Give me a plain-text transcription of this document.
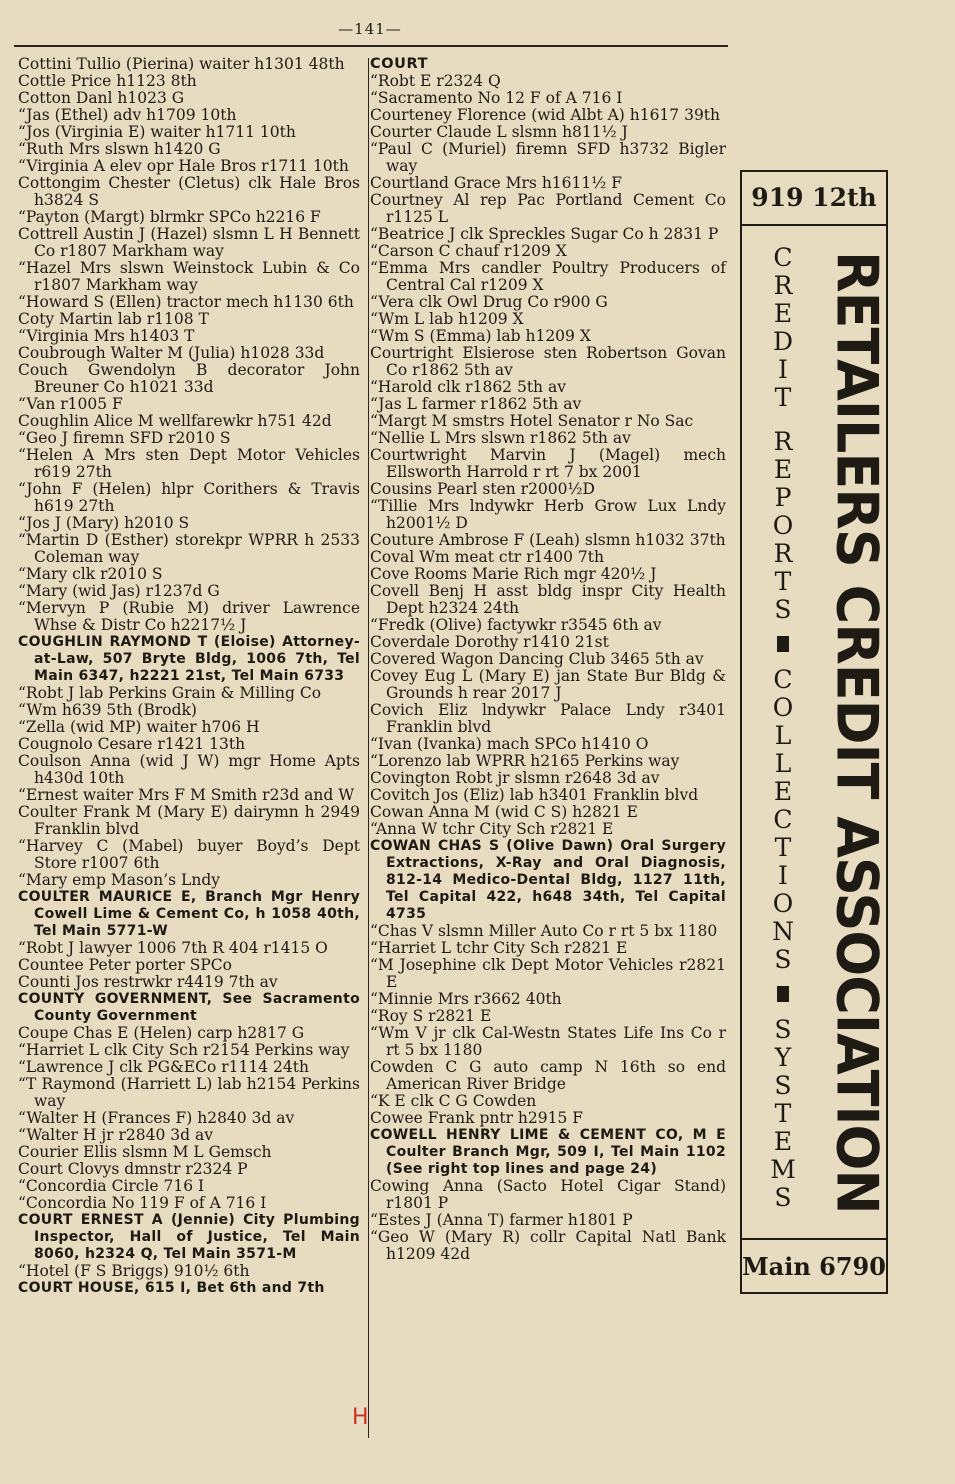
—141—
Cottini Tullio (Pierina) waiter h1301 48th
Cottle Price h1123 8th
Cotton Danl h1023 G
“Jas (Ethel) adv h1709 10th
“Jos (Virginia E) waiter h1711 10th
“Ruth Mrs slswn h1420 G
“Virginia A elev opr Hale Bros r1711 10th
Cottongim Chester (Cletus) clk Hale Bros h3824 S
“Payton (Margt) blrmkr SPCo h2216 F
Cottrell Austin J (Hazel) slsmn L H Bennett Co r1807 Markham way
“Hazel Mrs slswn Weinstock Lubin & Co r1807 Markham way
“Howard S (Ellen) tractor mech h1130 6th
Coty Martin lab r1108 T
“Virginia Mrs h1403 T
Coubrough Walter M (Julia) h1028 33d
Couch Gwendolyn B decorator John Breuner Co h1021 33d
“Van r1005 F
Coughlin Alice M wellfarewkr h751 42d
“Geo J firemn SFD r2010 S
“Helen A Mrs sten Dept Motor Vehicles r619 27th
“John F (Helen) hlpr Corithers & Travis h619 27th
“Jos J (Mary) h2010 S
“Martin D (Esther) storekpr WPRR h 2533 Coleman way
“Mary clk r2010 S
“Mary (wid Jas) r1237d G
“Mervyn P (Rubie M) driver Lawrence Whse & Distr Co h2217½ J
COUGHLIN RAYMOND T (Eloise) Attorney-at-Law, 507 Bryte Bldg, 1006 7th, Tel Main 6347, h2221 21st, Tel Main 6733
“Robt J lab Perkins Grain & Milling Co
“Wm h639 5th (Brodk)
“Zella (wid MP) waiter h706 H
Cougnolo Cesare r1421 13th
Coulson Anna (wid J W) mgr Home Apts h430d 10th
“Ernest waiter Mrs F M Smith r23d and W
Coulter Frank M (Mary E) dairymn h 2949 Franklin blvd
“Harvey C (Mabel) buyer Boyd’s Dept Store r1007 6th
“Mary emp Mason’s Lndy
COULTER MAURICE E, Branch Mgr Henry Cowell Lime & Cement Co, h 1058 40th, Tel Main 5771-W
“Robt J lawyer 1006 7th R 404 r1415 O
Countee Peter porter SPCo
Counti Jos restrwkr r4419 7th av
COUNTY GOVERNMENT, See Sacramento County Government
Coupe Chas E (Helen) carp h2817 G
“Harriet L clk City Sch r2154 Perkins way
“Lawrence J clk PG&ECo r1114 24th
“T Raymond (Harriett L) lab h2154 Perkins way
“Walter H (Frances F) h2840 3d av
“Walter H jr r2840 3d av
Courier Ellis slsmn M L Gemsch
Court Clovys dmnstr r2324 P
“Concordia Circle 716 I
“Concordia No 119 F of A 716 I
COURT ERNEST A (Jennie) City Plumbing Inspector, Hall of Justice, Tel Main 8060, h2324 Q, Tel Main 3571-M
“Hotel (F S Briggs) 910½ 6th
COURT HOUSE, 615 I, Bet 6th and 7th
COURT
“Robt E r2324 Q
“Sacramento No 12 F of A 716 I
Courteney Florence (wid Albt A) h1617 39th
Courter Claude L slsmn h811½ J
“Paul C (Muriel) firemn SFD h3732 Bigler way
Courtland Grace Mrs h1611½ F
Courtney Al rep Pac Portland Cement Co r1125 L
“Beatrice J clk Spreckles Sugar Co h 2831 P
“Carson C chauf r1209 X
“Emma Mrs candler Poultry Producers of Central Cal r1209 X
“Vera clk Owl Drug Co r900 G
“Wm L lab h1209 X
“Wm S (Emma) lab h1209 X
Courtright Elsierose sten Robertson Govan Co r1862 5th av
“Harold clk r1862 5th av
“Jas L farmer r1862 5th av
“Margt M smstrs Hotel Senator r No Sac
“Nellie L Mrs slswn r1862 5th av
Courtwright Marvin J (Magel) mech Ellsworth Harrold r rt 7 bx 2001
Cousins Pearl sten r2000½D
“Tillie Mrs lndywkr Herb Grow Lux Lndy h2001½ D
Couture Ambrose F (Leah) slsmn h1032 37th
Coval Wm meat ctr r1400 7th
Cove Rooms Marie Rich mgr 420½ J
Covell Benj H asst bldg inspr City Health Dept h2324 24th
“Fredk (Olive) factywkr r3545 6th av
Coverdale Dorothy r1410 21st
Covered Wagon Dancing Club 3465 5th av
Covey Eug L (Mary E) jan State Bur Bldg & Grounds h rear 2017 J
Covich Eliz lndywkr Palace Lndy r3401 Franklin blvd
“Ivan (Ivanka) mach SPCo h1410 O
“Lorenzo lab WPRR h2165 Perkins way
Covington Robt jr slsmn r2648 3d av
Covitch Jos (Eliz) lab h3401 Franklin blvd
Cowan Anna M (wid C S) h2821 E
“Anna W tchr City Sch r2821 E
COWAN CHAS S (Olive Dawn) Oral Surgery Extractions, X-Ray and Oral Diagnosis, 812-14 Medico-Dental Bldg, 1127 11th, Tel Capital 422, h648 34th, Tel Capital 4735
“Chas V slsmn Miller Auto Co r rt 5 bx 1180
“Harriet L tchr City Sch r2821 E
“M Josephine clk Dept Motor Vehicles r2821 E
“Minnie Mrs r3662 40th
“Roy S r2821 E
“Wm V jr clk Cal-Westn States Life Ins Co r rt 5 bx 1180
Cowden C G auto camp N 16th so end American River Bridge
“K E clk C G Cowden
Cowee Frank pntr h2915 F
COWELL HENRY LIME & CEMENT CO, M E Coulter Branch Mgr, 509 I, Tel Main 1102 (See right top lines and page 24)
Cowing Anna (Sacto Hotel Cigar Stand) r1801 P
“Estes J (Anna T) farmer h1801 P
“Geo W (Mary R) collr Capital Natl Bank h1209 42d
919 12th
C
R
E
D
I
T
R
E
P
O
R
T
S
C
O
L
L
E
C
T
I
O
N
S
S
Y
S
T
E
M
S RETAILERS CREDIT ASSOCIATION
Main 6790
H
